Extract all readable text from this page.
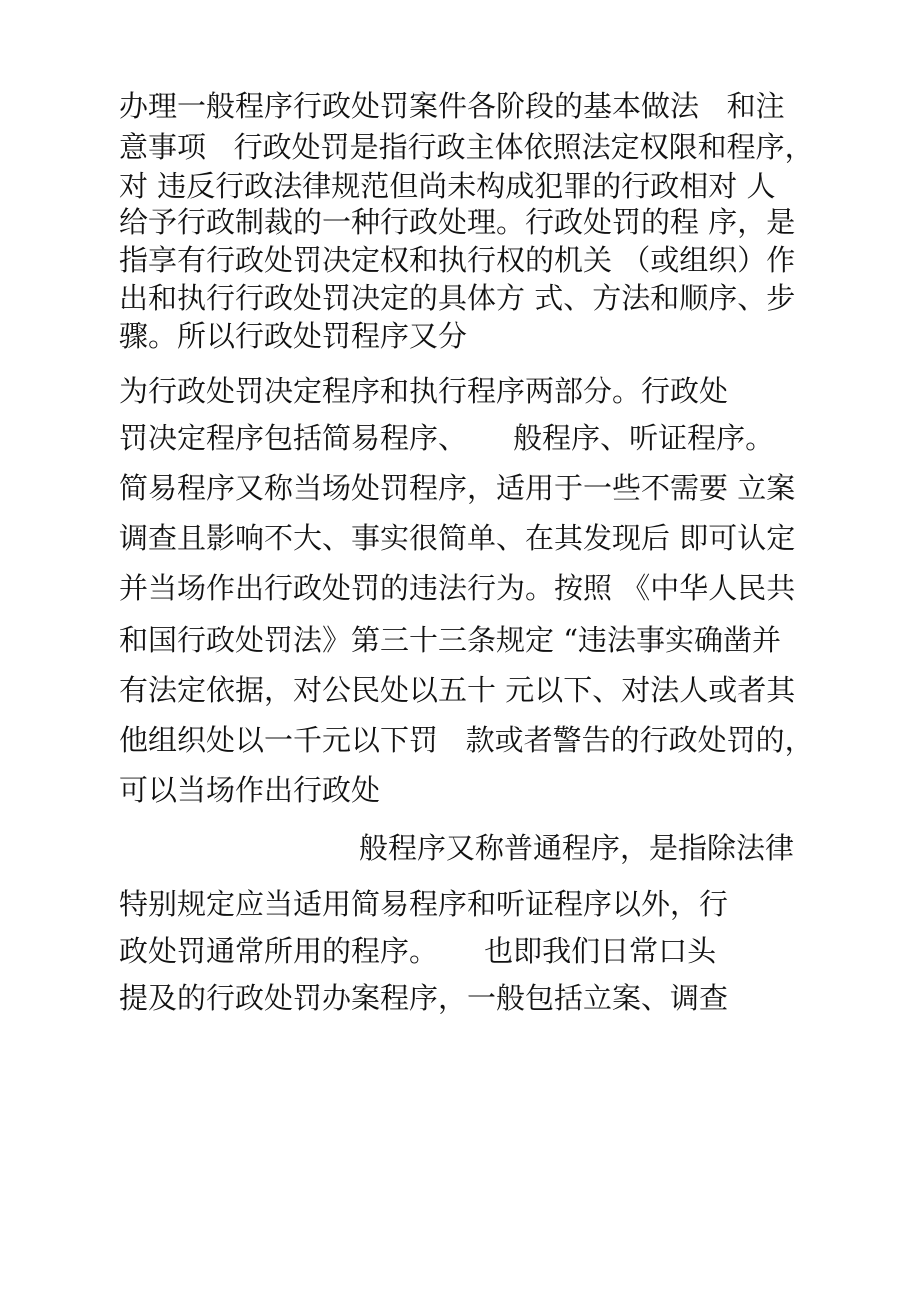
办理一般程序行政处罚案件各阶段的基本做法   和注
意事项   行政处罚是指行政主体依照法定权限和程序，
对 违反行政法律规范但尚未构成犯罪的行政相对 人
给予行政制裁的一种行政处理。行政处罚的程 序，是
指享有行政处罚决定权和执行权的机关 （或组织）作
出和执行行政处罚决定的具体方 式、方法和顺序、步
骤。所以行政处罚程序又分
为行政处罚决定程序和执行程序两部分。行政处
罚决定程序包括简易程序、     般程序、听证程序。
简易程序又称当场处罚程序，适用于一些不需要 立案
调查且影响不大、事实很简单、在其发现后 即可认定
并当场作出行政处罚的违法行为。按照 《中华人民共
和国行政处罚法》第三十三条规定 “违法事实确凿并
有法定依据，对公民处以五十 元以下、对法人或者其
他组织处以一千元以下罚   款或者警告的行政处罚的，
可以当场作出行政处
般程序又称普通程序，是指除法律
特别规定应当适用简易程序和听证程序以外，行
政处罚通常所用的程序。     也即我们日常口头
提及的行政处罚办案程序，一般包括立案、调查
